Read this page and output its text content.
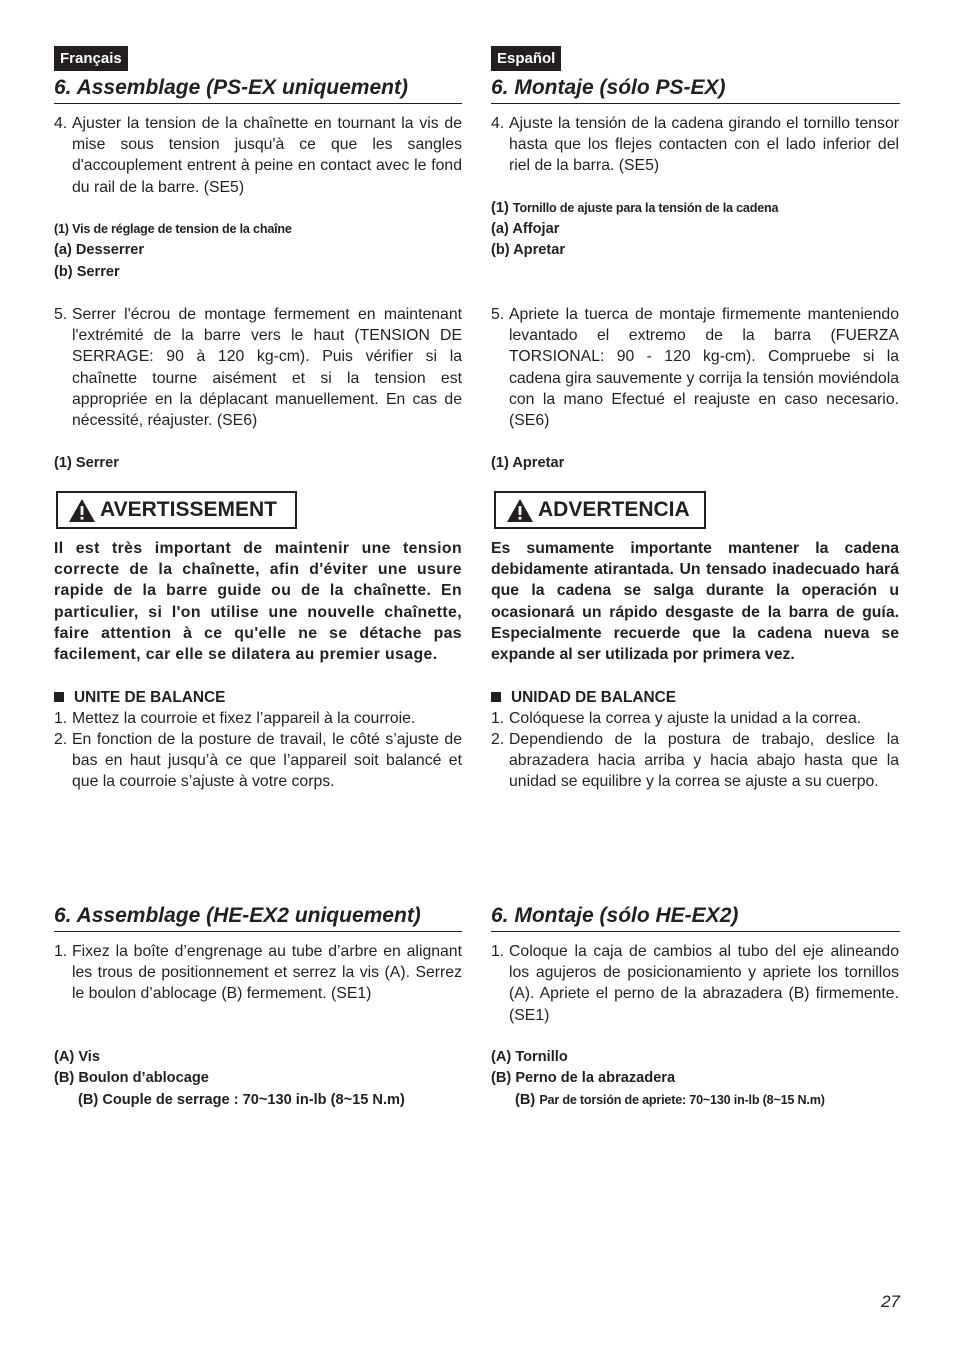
Français
6. Assemblage (PS-EX uniquement)
4. Ajuster la tension de la chaînette en tournant la vis de mise sous tension jusqu'à ce que les sangles d'accouplement entrent à peine en contact avec le fond du rail de la barre. (SE5)
(1) Vis de réglage de tension de la chaîne
(a) Desserrer
(b) Serrer
5. Serrer l'écrou de montage fermement en maintenant l'extrémité de la barre vers le haut (TENSION DE SERRAGE: 90 à 120 kg-cm). Puis vérifier si la chaînette tourne aisément et si la tension est appropriée en la déplacant manuellement. En cas de nécessité, réajuster. (SE6)
(1) Serrer
AVERTISSEMENT
Il est très important de maintenir une tension correcte de la chaînette, afin d'éviter une usure rapide de la barre guide ou de la chaînette. En particulier, si l'on utilise une nouvelle chaînette, faire attention à ce qu'elle ne se détache pas facilement, car elle se dilatera au premier usage.
UNITE DE BALANCE
1. Mettez la courroie et fixez l’appareil à la courroie.
2. En fonction de la posture de travail, le côté s’ajuste de bas en haut jusqu’à ce que l’appareil soit balancé et que la courroie s’ajuste à votre corps.
6. Assemblage (HE-EX2 uniquement)
1. Fixez la boîte d’engrenage au tube d’arbre en alignant les trous de positionnement et serrez la vis (A). Serrez le boulon d’ablocage (B) fermement. (SE1)
(A) Vis
(B) Boulon d’ablocage
(B) Couple de serrage : 70~130 in-lb (8~15 N.m)
Español
6. Montaje (sólo PS-EX)
4. Ajuste la tensión de la cadena girando el tornillo tensor hasta que los flejes contacten con el lado inferior del riel de la barra. (SE5)
(1) Tornillo de ajuste para la tensión de la cadena
(a) Affojar
(b) Apretar
5. Apriete la tuerca de montaje firmemente manteniendo levantado el extremo de la barra (FUERZA TORSIONAL: 90 - 120 kg-cm). Compruebe si la cadena gira sauvemente y corrija la tensión moviéndola con la mano Efectué el reajuste en caso necesario. (SE6)
(1) Apretar
ADVERTENCIA
Es sumamente importante mantener la cadena debidamente atirantada. Un tensado inadecuado hará que la cadena se salga durante la operación u ocasionará un rápido desgaste de la barra de guía. Especialmente recuerde que la cadena nueva se expande al ser utilizada por primera vez.
UNIDAD DE BALANCE
1. Colóquese la correa y ajuste la unidad a la correa.
2. Dependiendo de la postura de trabajo, deslice la abrazadera hacia arriba y hacia abajo hasta que la unidad se equilibre y la correa se ajuste a su cuerpo.
6. Montaje (sólo HE-EX2)
1. Coloque la caja de cambios al tubo del eje alineando los agujeros de posicionamiento y apriete los tornillos (A). Apriete el perno de la abrazadera (B) firmemente. (SE1)
(A) Tornillo
(B) Perno de la abrazadera
(B) Par de torsión de apriete: 70~130 in-lb (8~15 N.m)
27
